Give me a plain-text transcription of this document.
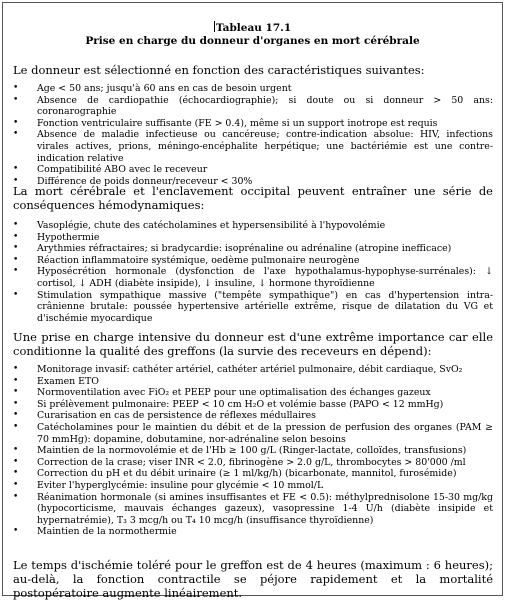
Tableau 17.1
Prise en charge du donneur d'organes en mort cérébrale

Le donneur est sélectionné en fonction des caractéristiques suivantes:

• Age < 50 ans; jusqu'à 60 ans en cas de besoin urgent
• Absence de cardiopathie (échocardiographie); si doute ou si donneur > 50 ans: coronarographie
• Fonction ventriculaire suffisante (FE > 0.4), même si un support inotrope est requis
• Absence de maladie infectieuse ou cancéreuse; contre-indication absolue: HIV, infections virales actives, prions, méningo-encéphalite herpétique; une bactériémie est une contre-indication relative
• Compatibilité ABO avec le receveur
• Différence de poids donneur/receveur < 30%

La mort cérébrale et l'enclavement occipital peuvent entraîner une série de conséquences hémodynamiques:

• Vasoplégie, chute des catécholamines et hypersensibilité à l'hypovolémie
• Hypothermie
• Arythmies réfractaires; si bradycardie: isoprénaline ou adrénaline (atropine inefficace)
• Réaction inflammatoire systémique, oedème pulmonaire neurogène
• Hyposécrétion hormonale (dysfonction de l'axe hypothalamus-hypophyse-surrénales): ↓ cortisol, ↓ ADH (diabète insipide), ↓ insuline, ↓ hormone thyroïdienne
• Stimulation sympathique massive ("tempête sympathique") en cas d'hypertension intra-crânienne brutale: poussée hypertensive artérielle extrême, risque de dilatation du VG et d'ischémie myocardique

Une prise en charge intensive du donneur est d'une extrême importance car elle conditionne la qualité des greffons (la survie des receveurs en dépend):

• Monitorage invasif: cathéter artériel, cathéter artériel pulmonaire, débit cardiaque, SvO₂
• Examen ETO
• Normoventilation avec FiO₂ et PEEP pour une optimalisation des échanges gazeux
• Si prélèvement pulmonaire: PEEP < 10 cm H₂O et volémie basse (PAPO < 12 mmHg)
• Curarisation en cas de persistence de réflexes médullaires
• Catécholamines pour le maintien du débit et de la pression de perfusion des organes (PAM ≥ 70 mmHg): dopamine, dobutamine, nor-adrénaline selon besoins
• Maintien de la normovolémie et de l'Hb ≥ 100 g/L (Ringer-lactate, colloïdes, transfusions)
• Correction de la crase; viser INR < 2.0, fibrinogène > 2.0 g/L, thrombocytes > 80'000 /ml
• Correction du pH et du débit urinaire (≥ 1 ml/kg/h) (bicarbonate, mannitol, furosémide)
• Eviter l'hyperglycémie: insuline pour glycémie < 10 mmol/L
• Réanimation hormonale (si amines insuffisantes et FE < 0.5): méthylprednisolone 15-30 mg/kg (hypocorticisme, mauvais échanges gazeux), vasopressine 1-4 U/h (diabète insipide et hypernatrémie), T₃ 3 mcg/h ou T₄ 10 mcg/h (insuffisance thyroïdienne)
• Maintien de la normothermie

Le temps d'ischémie toléré pour le greffon est de 4 heures (maximum : 6 heures); au-delà, la fonction contractile se péjore rapidement et la mortalité postopératoire augmente linéairement.
